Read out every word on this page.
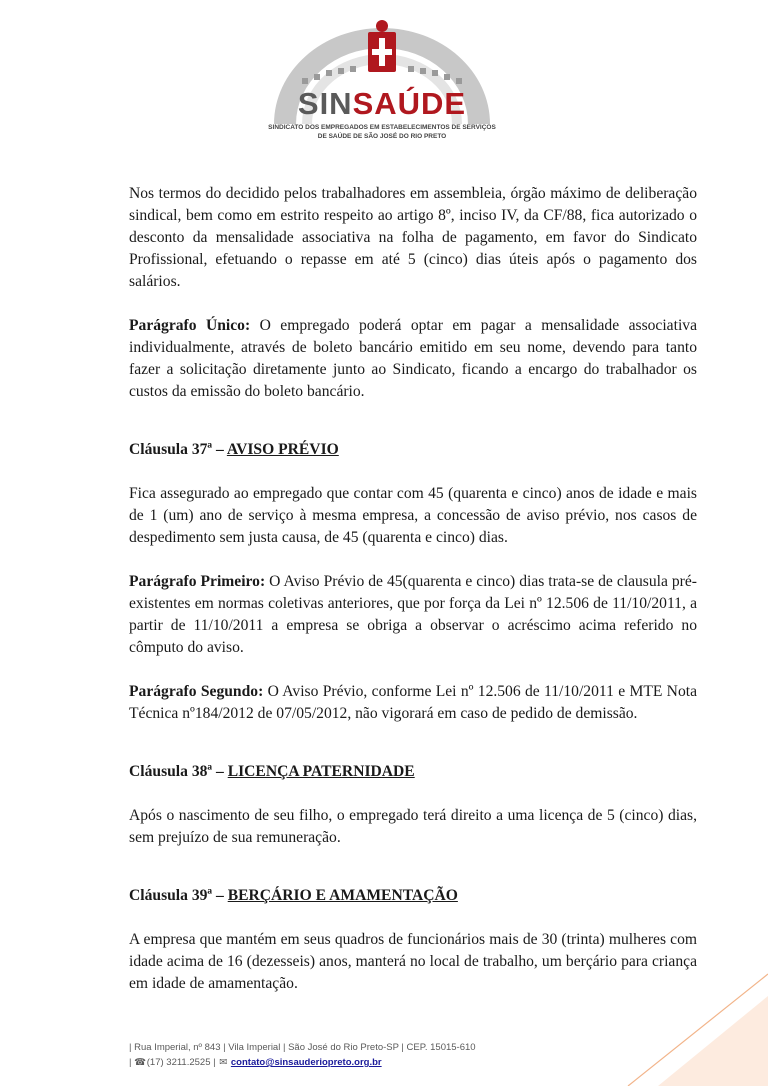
SINSAÚDE
SINDICATO DOS EMPREGADOS EM ESTABELECIMENTOS DE SERVIÇOS
DE SAÚDE DE SÃO JOSÉ DO RIO PRETO

Nos termos do decidido pelos trabalhadores em assembleia, órgão máximo de deliberação sindical, bem como em estrito respeito ao artigo 8º, inciso IV, da CF/88, fica autorizado o desconto da mensalidade associativa na folha de pagamento, em favor do Sindicato Profissional, efetuando o repasse em até 5 (cinco) dias úteis após o pagamento dos salários.

Parágrafo Único: O empregado poderá optar em pagar a mensalidade associativa individualmente, através de boleto bancário emitido em seu nome, devendo para tanto fazer a solicitação diretamente junto ao Sindicato, ficando a encargo do trabalhador os custos da emissão do boleto bancário.

Cláusula 37ª – AVISO PRÉVIO

Fica assegurado ao empregado que contar com 45 (quarenta e cinco) anos de idade e mais de 1 (um) ano de serviço à mesma empresa, a concessão de aviso prévio, nos casos de despedimento sem justa causa, de 45 (quarenta e cinco) dias.

Parágrafo Primeiro: O Aviso Prévio de 45(quarenta e cinco) dias trata-se de clausula pré-existentes em normas coletivas anteriores, que por força da Lei nº 12.506 de 11/10/2011, a partir de 11/10/2011 a empresa se obriga a observar o acréscimo acima referido no cômputo do aviso.

Parágrafo Segundo: O Aviso Prévio, conforme Lei nº 12.506 de 11/10/2011 e MTE Nota Técnica nº184/2012 de 07/05/2012, não vigorará em caso de pedido de demissão.

Cláusula 38ª – LICENÇA PATERNIDADE

Após o nascimento de seu filho, o empregado terá direito a uma licença de 5 (cinco) dias, sem prejuízo de sua remuneração.

Cláusula 39ª – BERÇÁRIO E AMAMENTAÇÃO

A empresa que mantém em seus quadros de funcionários mais de 30 (trinta) mulheres com idade acima de 16 (dezesseis) anos, manterá no local de trabalho, um berçário para criança em idade de amamentação.

| Rua Imperial, nº 843 | Vila Imperial | São José do Rio Preto-SP | CEP. 15015-610
| ☎ (17) 3211.2525 | ✉ contato@sinsauderiopreto.org.br
